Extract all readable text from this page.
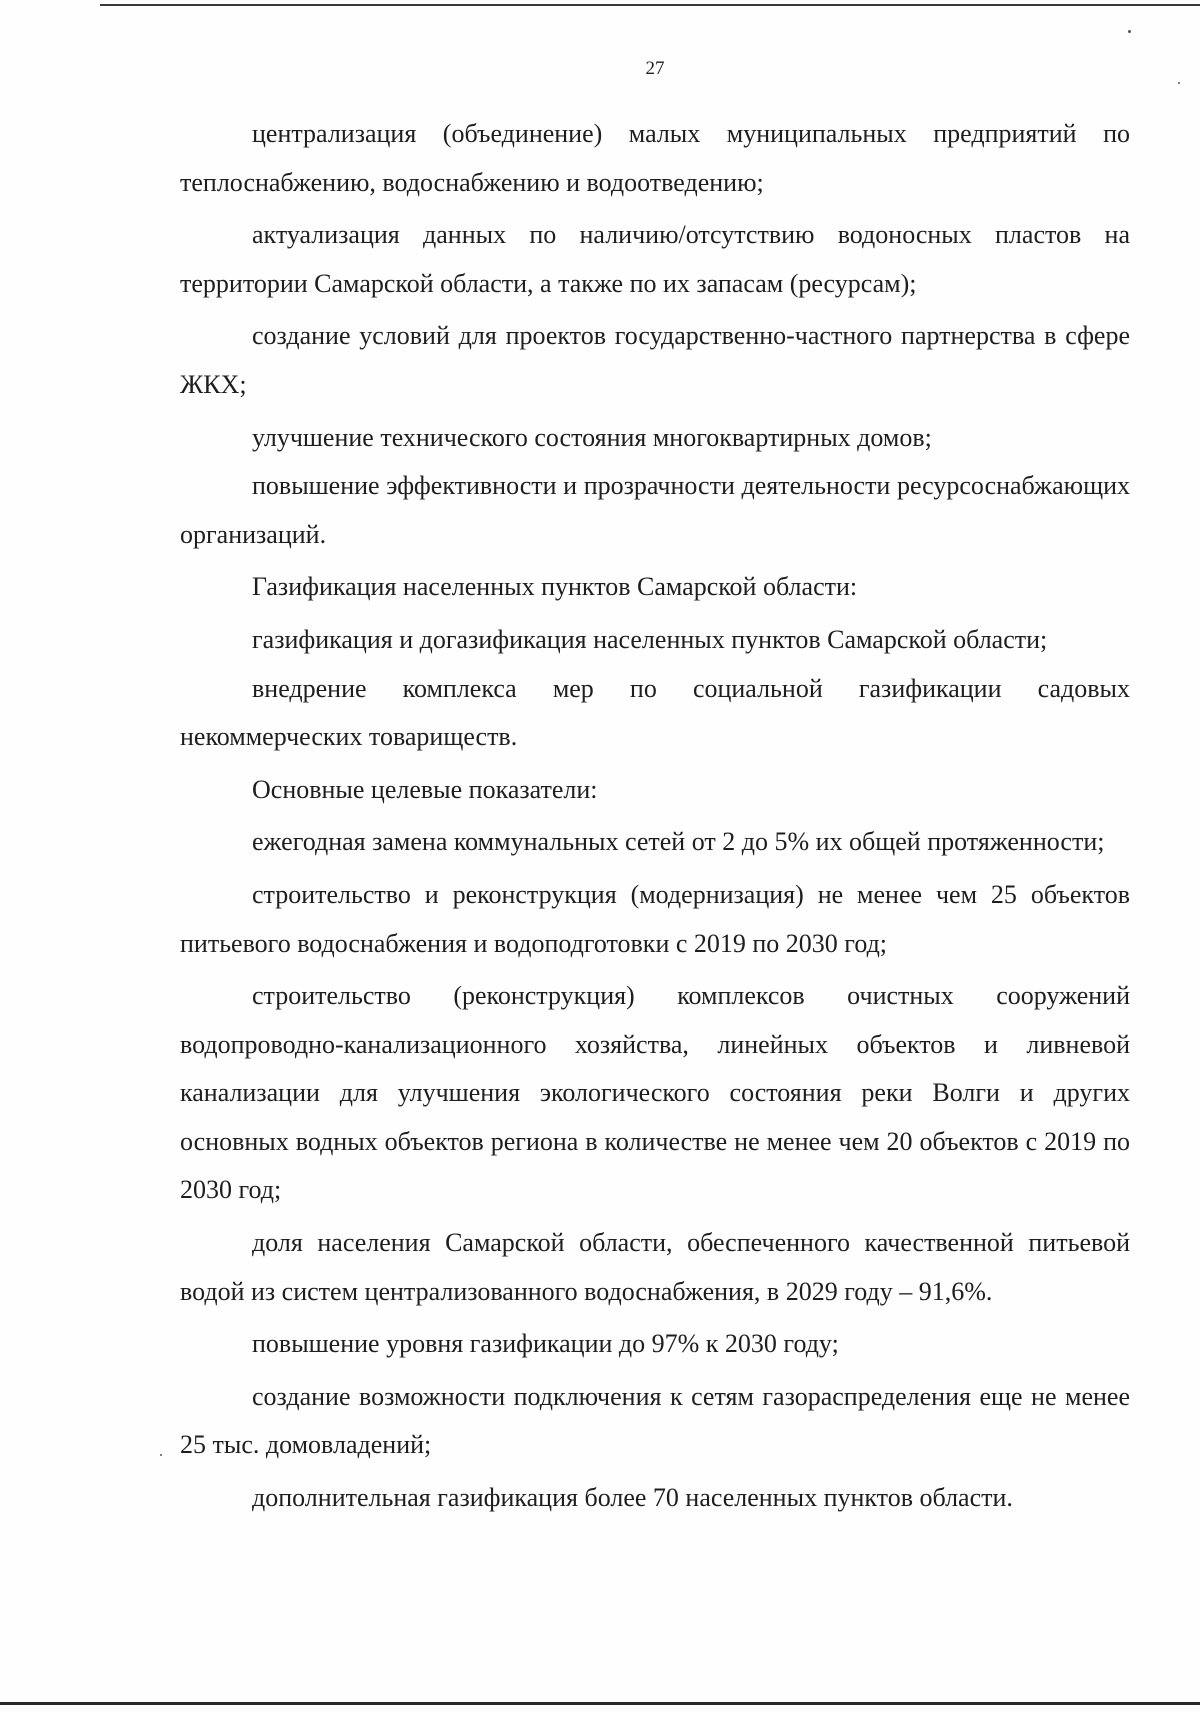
27

централизация (объединение) малых муниципальных предприятий по теплоснабжению, водоснабжению и водоотведению;

актуализация данных по наличию/отсутствию водоносных пластов на территории Самарской области, а также по их запасам (ресурсам);

создание условий для проектов государственно-частного партнерства в сфере ЖКХ;

улучшение технического состояния многоквартирных домов;

повышение эффективности и прозрачности деятельности ресурсоснабжающих организаций.

Газификация населенных пунктов Самарской области:

газификация и догазификация населенных пунктов Самарской области;

внедрение комплекса мер по социальной газификации садовых некоммерческих товариществ.

Основные целевые показатели:

ежегодная замена коммунальных сетей от 2 до 5% их общей протяженности;

строительство и реконструкция (модернизация) не менее чем 25 объектов питьевого водоснабжения и водоподготовки с 2019 по 2030 год;

строительство (реконструкция) комплексов очистных сооружений водопроводно-канализационного хозяйства, линейных объектов и ливневой канализации для улучшения экологического состояния реки Волги и других основных водных объектов региона в количестве не менее чем 20 объектов с 2019 по 2030 год;

доля населения Самарской области, обеспеченного качественной питьевой водой из систем централизованного водоснабжения, в 2029 году – 91,6%.

повышение уровня газификации до 97% к 2030 году;

создание возможности подключения к сетям газораспределения еще не менее 25 тыс. домовладений;

дополнительная газификация более 70 населенных пунктов области.
